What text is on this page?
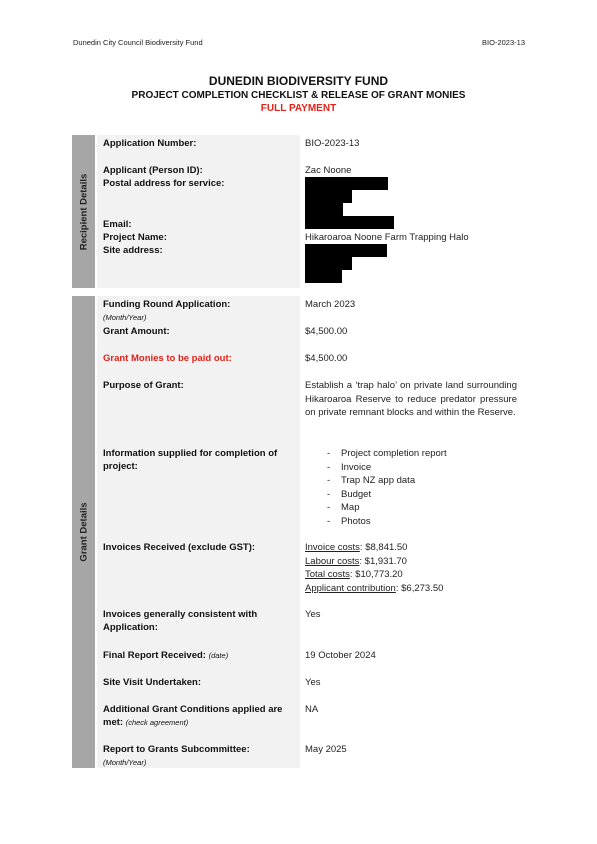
Dunedin City Council Biodiversity Fund	BIO-2023-13
DUNEDIN BIODIVERSITY FUND
PROJECT COMPLETION CHECKLIST & RELEASE OF GRANT MONIES
FULL PAYMENT
Recipient Details
Grant Details
Application Number:	BIO-2023-13
Applicant (Person ID):	Zac Noone
Postal address for service:
Email:
Project Name:	Hikaroaroa Noone Farm Trapping Halo
Site address:
Funding Round Application:
(Month/Year)
March 2023
Grant Amount:	$4,500.00
Grant Monies to be paid out:	$4,500.00
Purpose of Grant:	Establish a ‘trap halo’ on private land surrounding Hikaroaroa Reserve to reduce predator pressure on private remnant blocks and within the Reserve.
Information supplied for completion of project:
- Project completion report
- Invoice
- Trap NZ app data
- Budget
- Map
- Photos
Invoices Received (exclude GST):	Invoice costs: $8,841.50
Labour costs: $1,931.70
Total costs: $10,773.20
Applicant contribution: $6,273.50
Invoices generally consistent with Application:
Yes
Final Report Received: (date)	19 October 2024
Site Visit Undertaken:	Yes
Additional Grant Conditions applied are met: (check agreement)
NA
Report to Grants Subcommittee:
(Month/Year)
May 2025
